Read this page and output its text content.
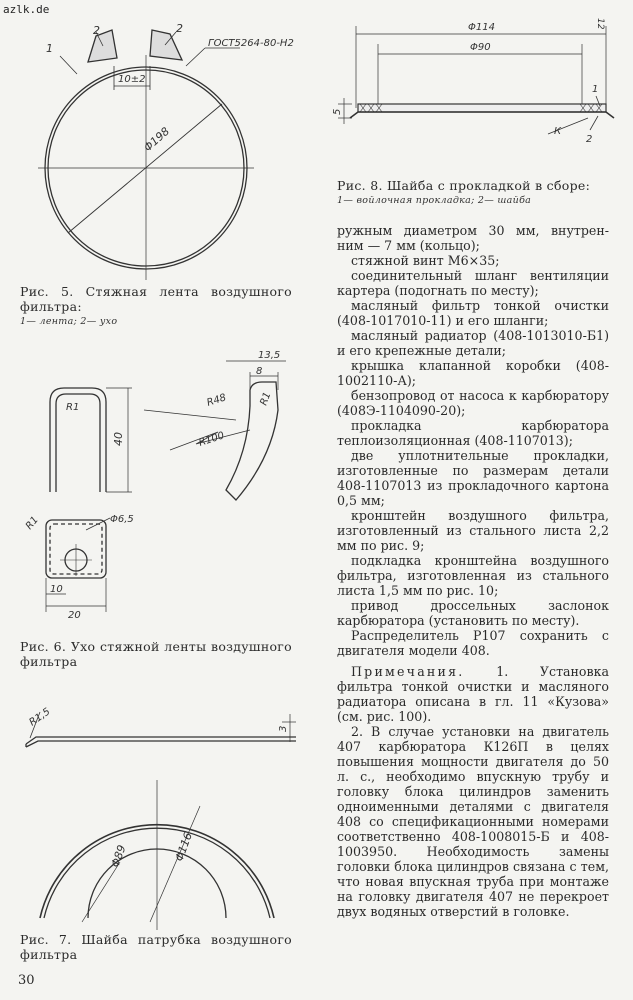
azlk.de
1
2	2
ГОСТ5264-80-Н2
10±2
Φ198
Рис. 5. Стяжная лента воздушного
фильтра:
1— лента; 2— ухо
R1
40
13,5
8
R48	R1
R100
R1	Φ6,5
10
20
Рис. 6. Ухо стяжной ленты воздушного
фильтра
R1,5
3
Φ89	Φ116
Рис. 7. Шайба патрубка воздушного
фильтра
Φ114
Φ90
5
К
1
2
12
Рис. 8. Шайба с прокладкой в сборе:
1— войлочная прокладка; 2— шайба

ружным диаметром 30 мм, внутрен-

ним — 7 мм (кольцо);

стяжной винт М6×35;

соединительный шланг вентиляции картера (подогнать по месту);

масляный фильтр тонкой очистки (408-1017010-11) и его шланги;

масляный радиатор (408-1013010-Б1) и его крепежные детали;

крышка клапанной коробки (408-1002110-А);

бензопровод от насоса к карбюратору (408Э-1104090-20);

прокладка карбюратора теплоизоляционная (408-1107013);

две уплотнительные прокладки, изготовленные по размерам детали 408-1107013 из прокладочного картона 0,5 мм;

кронштейн воздушного фильтра, изготовленный из стального листа 2,2 мм по рис. 9;

подкладка кронштейна воздушного фильтра, изготовленная из стального листа 1,5 мм по рис. 10;

привод дроссельных заслонок карбюратора (установить по месту).

Распределитель Р107 сохранить с двигателя модели 408.

Примечания.	1. Установка фильтра тонкой очистки и масляного радиатора описана в гл. 11 «Кузова» (см. рис. 100).

2. В случае установки на двигатель 407 карбюратора К126П в целях повышения мощности двигателя до 50 л. с., необходимо впускную трубу и головку блока цилиндров заменить одноименными деталями с двигателя 408 со спецификационными номерами соответственно 408-1008015-Б и 408-1003950. Необходимость замены головки блока цилиндров связана с тем, что новая впускная труба при монтаже на головку двигателя 407 не перекроет двух водяных отверстий в головке.

30
